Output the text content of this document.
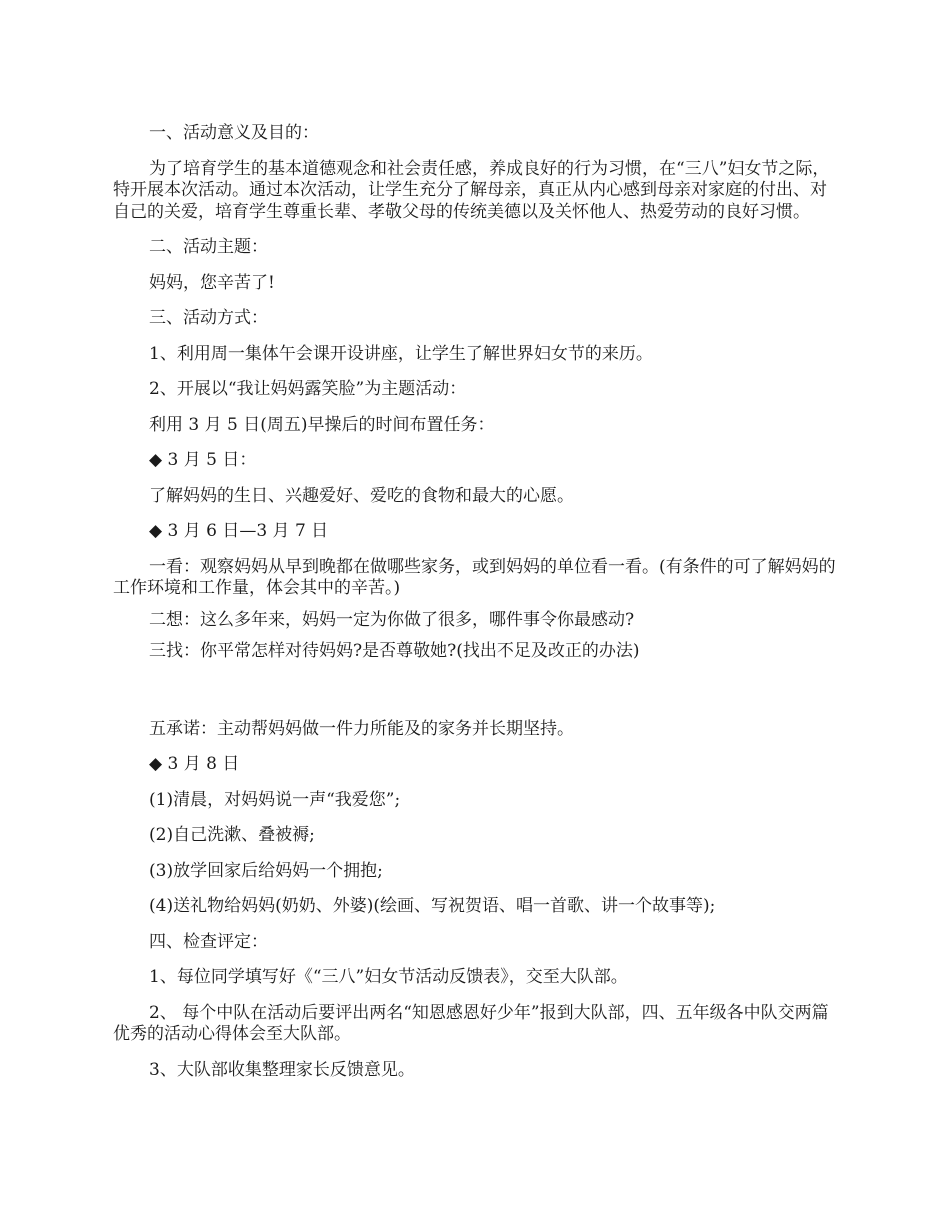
一、活动意义及目的：

为了培育学生的基本道德观念和社会责任感，养成良好的行为习惯，在“三八”妇女节之际，特开展本次活动。通过本次活动，让学生充分了解母亲，真正从内心感到母亲对家庭的付出、对自己的关爱，培育学生尊重长辈、孝敬父母的传统美德以及关怀他人、热爱劳动的良好习惯。

二、活动主题：

妈妈，您辛苦了!

三、活动方式：

1、利用周一集体午会课开设讲座，让学生了解世界妇女节的来历。

2、开展以“我让妈妈露笑脸”为主题活动：

利用 3 月 5 日(周五)早操后的时间布置任务：

◆ 3 月 5 日：

了解妈妈的生日、兴趣爱好、爱吃的食物和最大的心愿。

◆ 3 月 6 日—3 月 7 日

一看：观察妈妈从早到晚都在做哪些家务，或到妈妈的单位看一看。(有条件的可了解妈妈的工作环境和工作量，体会其中的辛苦。)

二想：这么多年来，妈妈一定为你做了很多，哪件事令你最感动?

三找：你平常怎样对待妈妈?是否尊敬她?(找出不足及改正的办法)

五承诺：主动帮妈妈做一件力所能及的家务并长期坚持。

◆ 3 月 8 日

(1)清晨，对妈妈说一声“我爱您”;

(2)自己洗漱、叠被褥;

(3)放学回家后给妈妈一个拥抱;

(4)送礼物给妈妈(奶奶、外婆)(绘画、写祝贺语、唱一首歌、讲一个故事等);

四、检查评定：

1、每位同学填写好《“三八”妇女节活动反馈表》，交至大队部。

2、 每个中队在活动后要评出两名“知恩感恩好少年”报到大队部，四、五年级各中队交两篇优秀的活动心得体会至大队部。

3、大队部收集整理家长反馈意见。
